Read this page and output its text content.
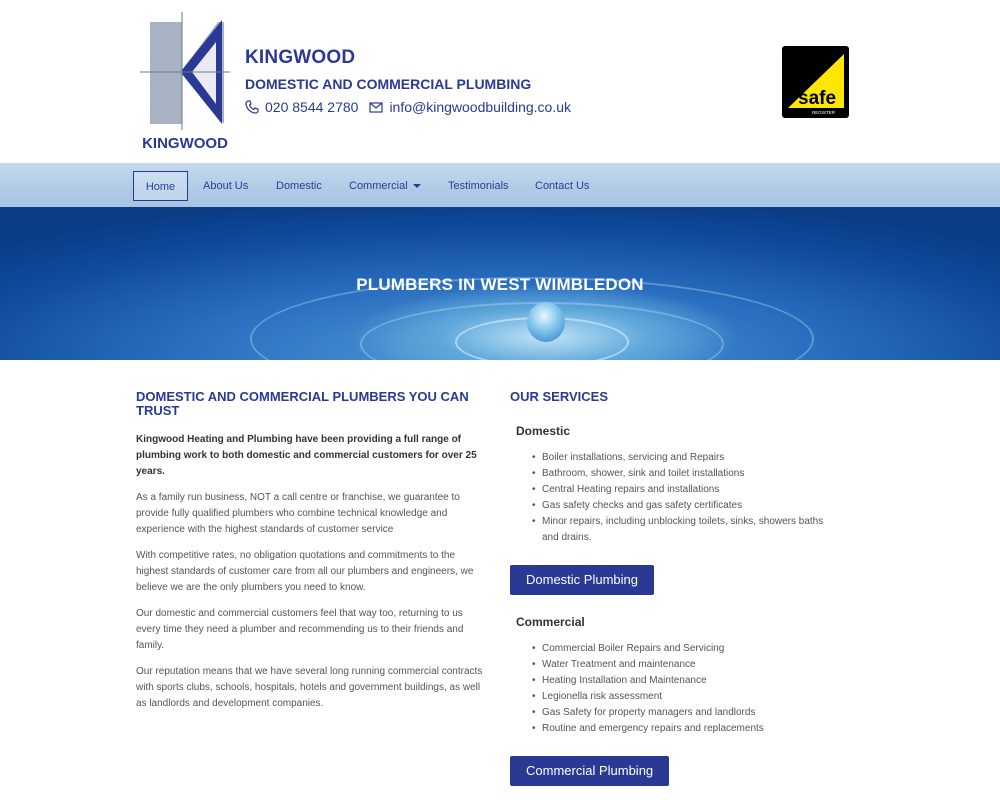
KINGWOOD
KINGWOOD
DOMESTIC AND COMMERCIAL PLUMBING
020 8544 2780 info@kingwoodbuilding.co.uk
GAS
safe
REGISTER
Home	About Us	Domestic	Commercial	Testimonials	Contact Us
PLUMBERS IN WEST WIMBLEDON
DOMESTIC AND COMMERCIAL PLUMBERS YOU CAN TRUST
Kingwood Heating and Plumbing have been providing a full range of plumbing work to both domestic and commercial customers for over 25 years.
As a family run business, NOT a call centre or franchise, we guarantee to provide fully qualified plumbers who combine technical knowledge and experience with the highest standards of customer service
With competitive rates, no obligation quotations and commitments to the highest standards of customer care from all our plumbers and engineers, we believe we are the only plumbers you need to know.
Our domestic and commercial customers feel that way too, returning to us every time they need a plumber and recommending us to their friends and family.
Our reputation means that we have several long running commercial contracts with sports clubs, schools, hospitals, hotels and government buildings, as well as landlords and development companies.
OUR SERVICES
Domestic
• Boiler installations, servicing and Repairs
• Bathroom, shower, sink and toilet installations
• Central Heating repairs and installations
• Gas safety checks and gas safety certificates
• Minor repairs, including unblocking toilets, sinks, showers baths and drains.
Domestic Plumbing
Commercial
• Commercial Boiler Repairs and Servicing
• Water Treatment and maintenance
• Heating Installation and Maintenance
• Legionella risk assessment
• Gas Safety for property managers and landlords
• Routine and emergency repairs and replacements
Commercial Plumbing
